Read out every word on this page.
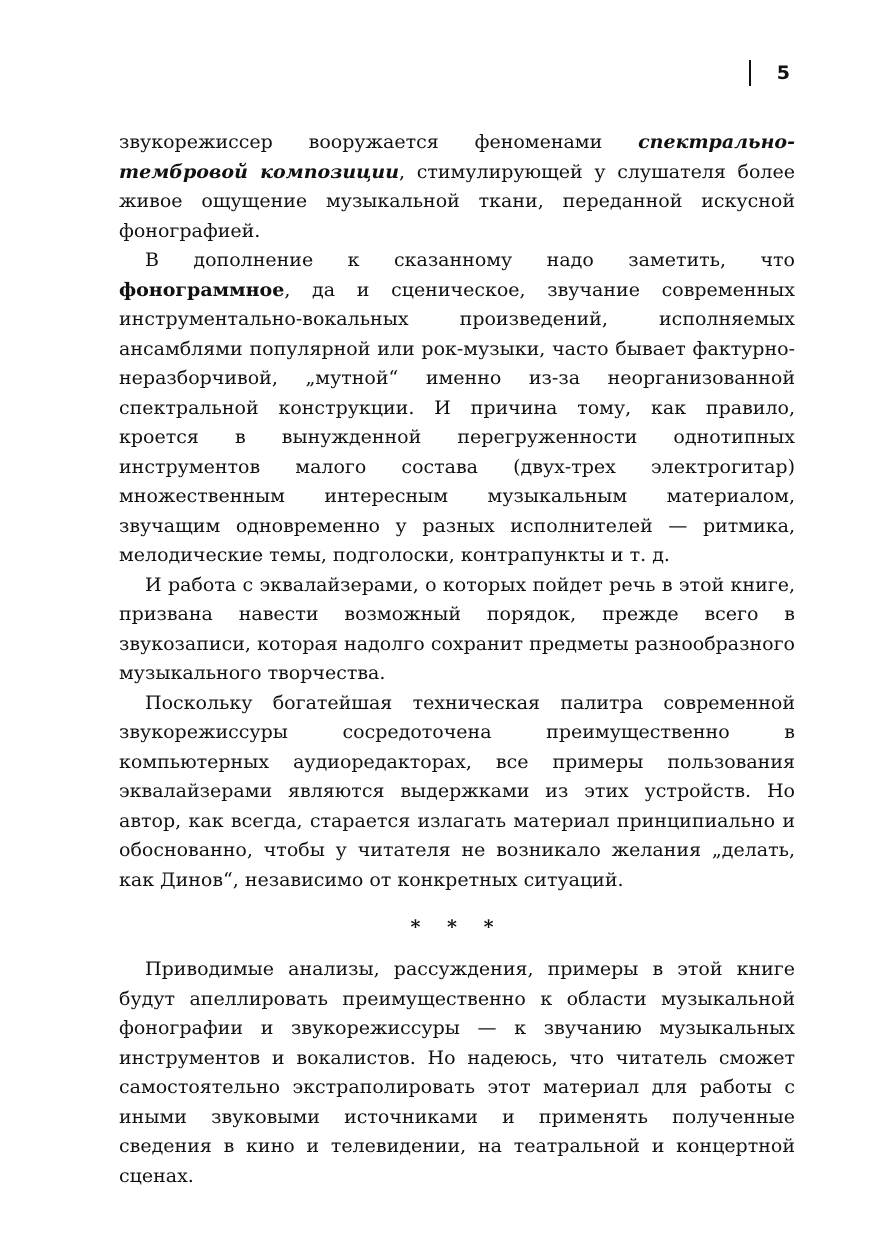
5

звукорежиссер вооружается феноменами спектрально-тембровой композиции, стимулирующей у слушателя более живое ощущение музыкальной ткани, переданной искусной фонографией.

В дополнение к сказанному надо заметить, что фонограммное, да и сценическое, звучание современных инструментально-вокальных произведений, исполняемых ансамблями популярной или рок-музыки, часто бывает фактурно-неразборчивой, „мутной“ именно из-за неорганизованной спектральной конструкции. И причина тому, как правило, кроется в вынужденной перегруженности однотипных инструментов малого состава (двух-трех электрогитар) множественным интересным музыкальным материалом, звучащим одновременно у разных исполнителей — ритмика, мелодические темы, подголоски, контрапункты и т. д.

И работа с эквалайзерами, о которых пойдет речь в этой книге, призвана навести возможный порядок, прежде всего в звукозаписи, которая надолго сохранит предметы разнообразного музыкального творчества.

Поскольку богатейшая техническая палитра современной звукорежиссуры сосредоточена преимущественно в компьютерных аудиоредакторах, все примеры пользования эквалайзерами являются выдержками из этих устройств. Но автор, как всегда, старается излагать материал принципиально и обоснованно, чтобы у читателя не возникало желания „делать, как Динов“, независимо от конкретных ситуаций.

* * *

Приводимые анализы, рассуждения, примеры в этой книге будут апеллировать преимущественно к области музыкальной фонографии и звукорежиссуры — к звучанию музыкальных инструментов и вокалистов. Но надеюсь, что читатель сможет самостоятельно экстраполировать этот материал для работы с иными звуковыми источниками и применять полученные сведения в кино и телевидении, на театральной и концертной сценах.
